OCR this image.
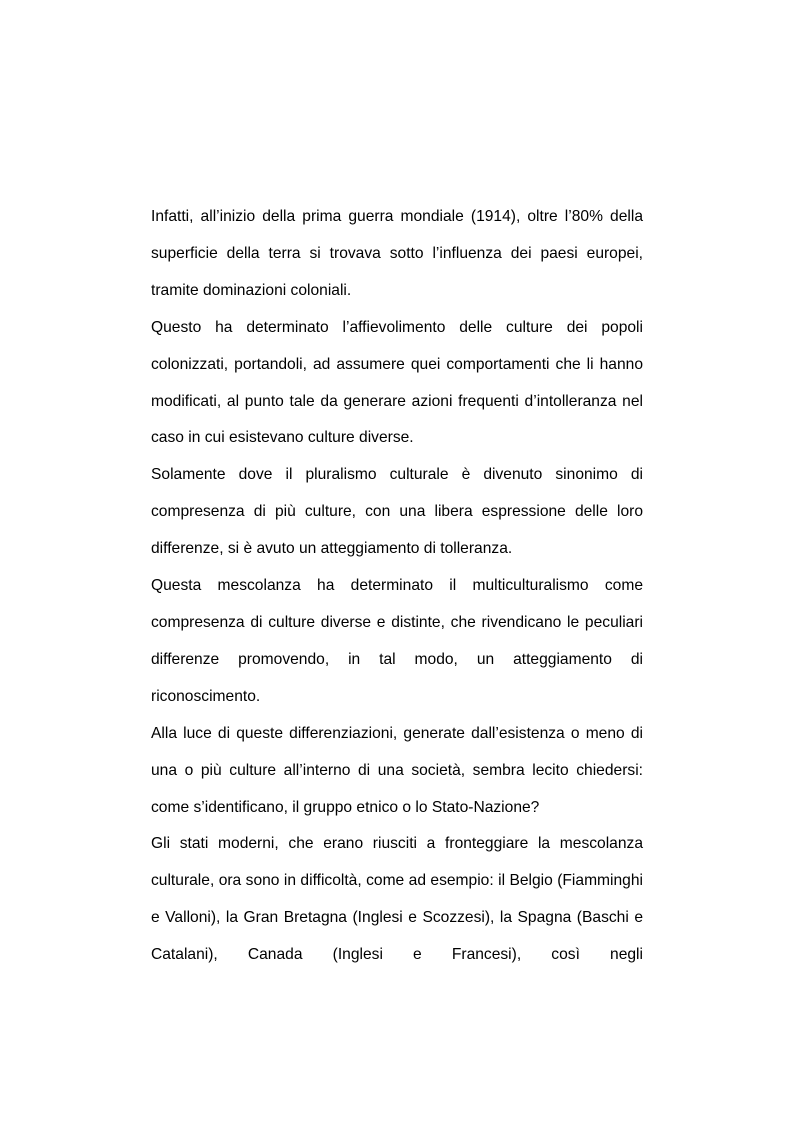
Infatti, all’inizio della prima guerra mondiale (1914), oltre l’80% della superficie della terra si trovava sotto l’influenza dei paesi europei, tramite dominazioni coloniali.

Questo ha determinato l’affievolimento delle culture dei popoli colonizzati, portandoli, ad assumere quei comportamenti che li hanno modificati, al punto tale da generare azioni frequenti d’intolleranza nel caso in cui esistevano culture diverse.

Solamente dove il pluralismo culturale è divenuto sinonimo di compresenza di più culture, con una libera espressione delle loro differenze, si è avuto un atteggiamento di tolleranza.

Questa mescolanza ha determinato il multiculturalismo come compresenza di culture diverse e distinte, che rivendicano le peculiari differenze promovendo, in tal modo, un atteggiamento di riconoscimento.

Alla luce di queste differenziazioni, generate dall’esistenza o meno di una o più culture all’interno di una società, sembra lecito chiedersi: come s’identificano, il gruppo etnico o lo Stato-Nazione?

Gli stati moderni, che erano riusciti a fronteggiare la mescolanza culturale, ora sono in difficoltà, come ad esempio: il Belgio (Fiamminghi e Valloni), la Gran Bretagna (Inglesi e Scozzesi), la Spagna (Baschi e Catalani), Canada (Inglesi e Francesi), così negli
